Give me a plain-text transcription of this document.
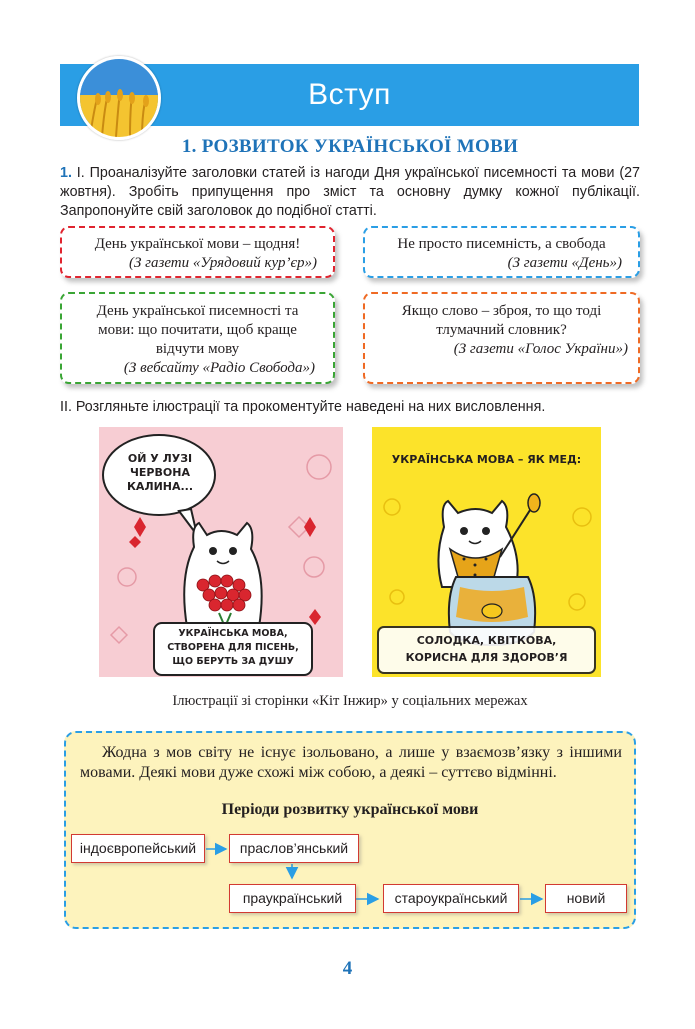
Вступ
1. РОЗВИТОК УКРАЇНСЬКОЇ МОВИ
1. І. Проаналізуйте заголовки статей із нагоди Дня української писемності та мови (27 жовтня). Зробіть припущення про зміст та основну думку кожної публікації. Запропонуйте свій заголовок до подібної статті.
День української мови – щодня!
(З газети «Урядовий кур’єр»)
Не просто писемність, а свобода
(З газети «День»)
День української писемності та мови: що почитати, щоб краще відчути мову
(З вебсайту «Радіо Свобода»)
Якщо слово – зброя, то що тоді тлумачний словник?
(З газети «Голос України»)
ІІ. Розгляньте ілюстрації та прокоментуйте наведені на них висловлення.
ОЙ У ЛУЗІ
ЧЕРВОНА
КАЛИНА...
УКРАЇНСЬКА МОВА,
СТВОРЕНА ДЛЯ ПІСЕНЬ,
ЩО БЕРУТЬ ЗА ДУШУ
УКРАЇНСЬКА МОВА – ЯК МЕД:
СОЛОДКА, КВІТКОВА,
КОРИСНА ДЛЯ ЗДОРОВ’Я
Ілюстрації зі сторінки «Кіт Інжир» у соціальних мережах
Жодна з мов світу не існує ізольовано, а лише у взаємозв’язку з іншими мовами. Деякі мови дуже схожі між собою, а деякі – суттєво відмінні.
Періоди розвитку української мови
індоєвропейський	праслов’янський
праукраїнський	староукраїнський	новий
4
